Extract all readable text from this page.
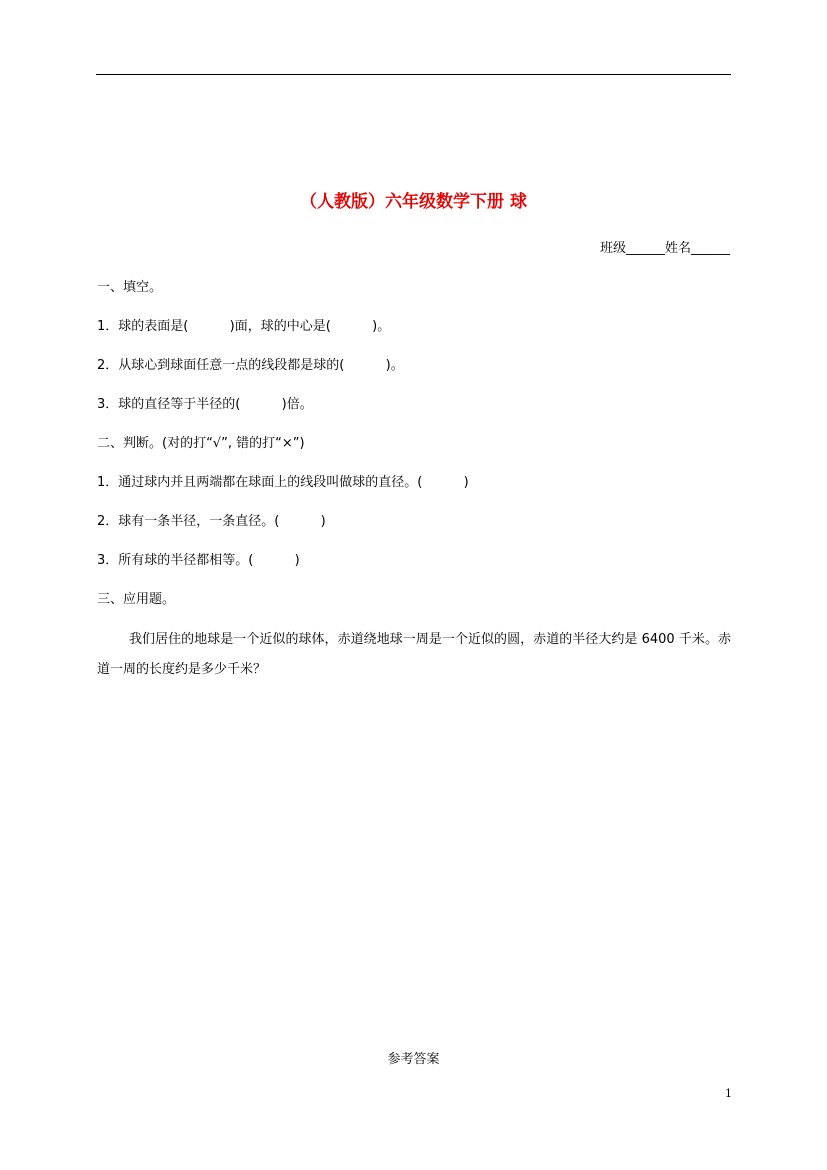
（人教版）六年级数学下册 球
班级______姓名______
一、填空。
1．球的表面是(          )面，球的中心是(          )。
2．从球心到球面任意一点的线段都是球的(          )。
3．球的直径等于半径的(          )倍。
二、判断。(对的打“√”, 错的打“×”)
1．通过球内并且两端都在球面上的线段叫做球的直径。(          )
2．球有一条半径，一条直径。(          )
3．所有球的半径都相等。(          )
三、应用题。
我们居住的地球是一个近似的球体，赤道绕地球一周是一个近似的圆，赤道的半径大约是 6400 千米。赤道一周的长度约是多少千米？
参考答案
1
